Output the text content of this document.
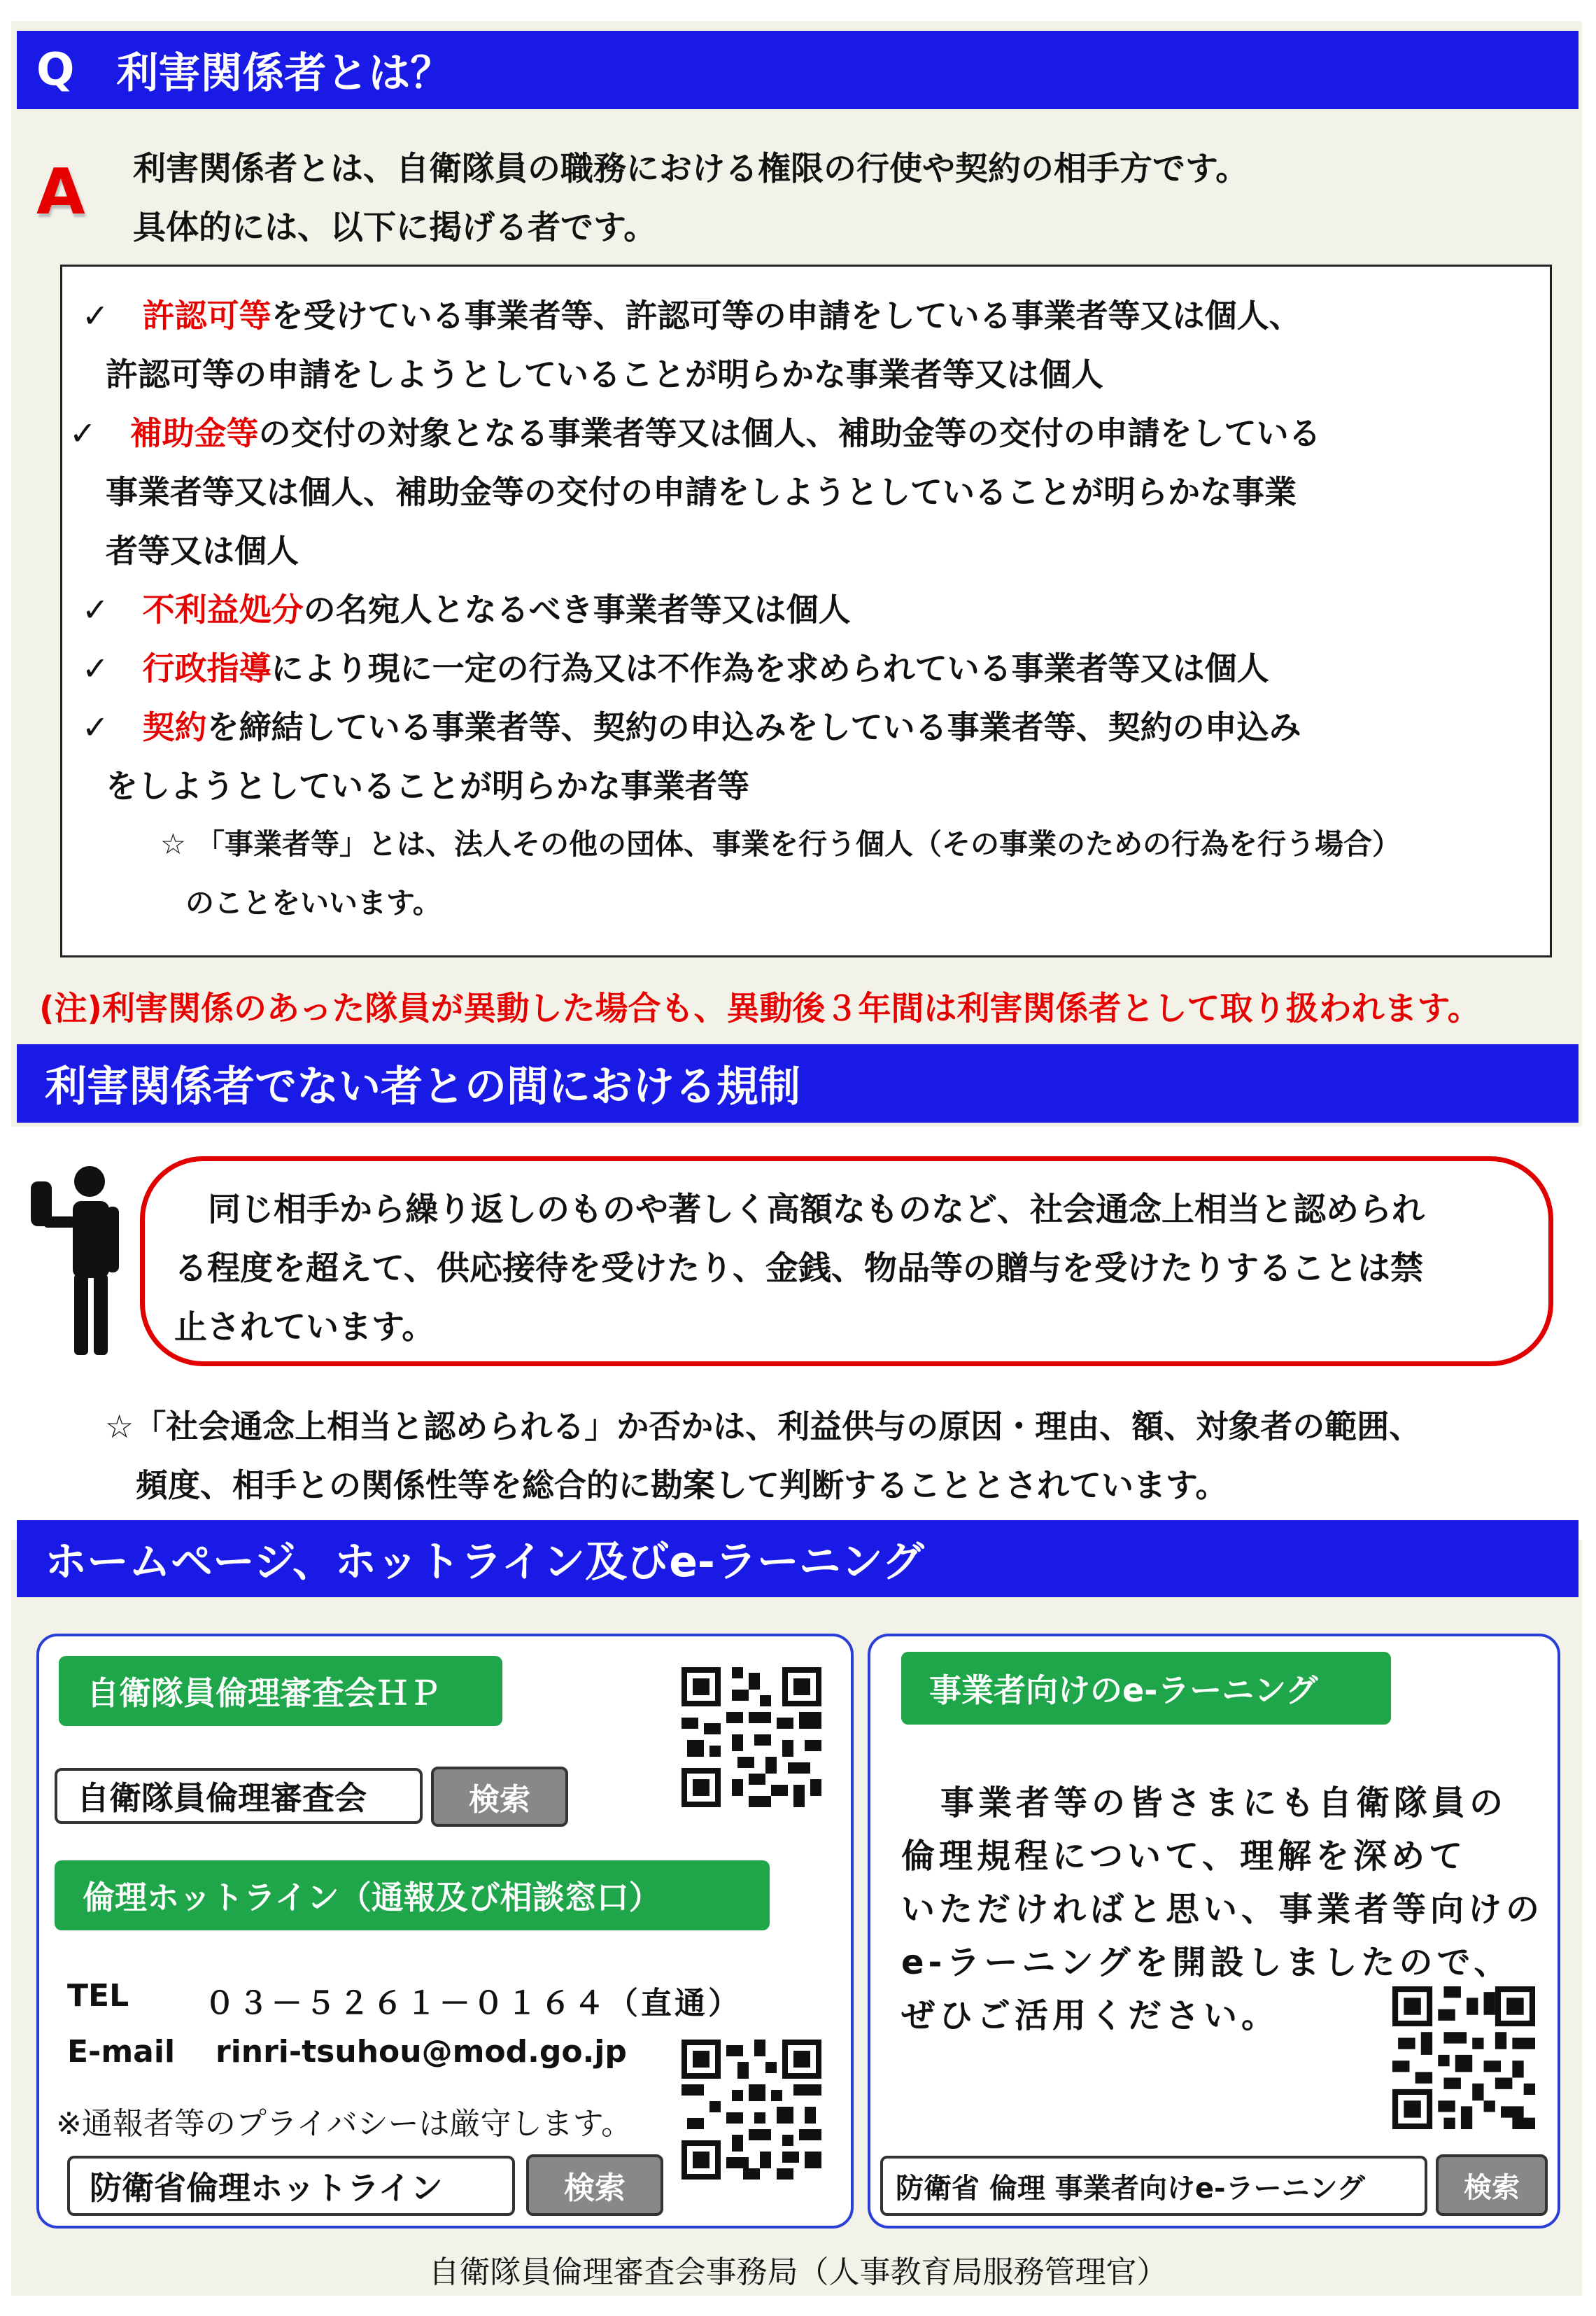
Q 利害関係者とは？
A 利害関係者とは、自衛隊員の職務における権限の行使や契約の相手方です。
具体的には、以下に掲げる者です。
✓ 許認可等を受けている事業者等、許認可等の申請をしている事業者等又は個人、
許認可等の申請をしようとしていることが明らかな事業者等又は個人
✓ 補助金等の交付の対象となる事業者等又は個人、補助金等の交付の申請をしている
事業者等又は個人、補助金等の交付の申請をしようとしていることが明らかな事業
者等又は個人
✓ 不利益処分の名宛人となるべき事業者等又は個人
✓ 行政指導により現に一定の行為又は不作為を求められている事業者等又は個人
✓ 契約を締結している事業者等、契約の申込みをしている事業者等、契約の申込み
をしようとしていることが明らかな事業者等
☆ 「事業者等」とは、法人その他の団体、事業を行う個人（その事業のための行為を行う場合）
のことをいいます。
(注)利害関係のあった隊員が異動した場合も、異動後３年間は利害関係者として取り扱われます。
利害関係者でない者との間における規制
同じ相手から繰り返しのものや著しく高額なものなど、社会通念上相当と認められ
る程度を超えて、供応接待を受けたり、金銭、物品等の贈与を受けたりすることは禁
止されています。
☆「社会通念上相当と認められる」か否かは、利益供与の原因・理由、額、対象者の範囲、
頻度、相手との関係性等を総合的に勘案して判断することとされています。
ホームページ、ホットライン及びe-ラーニング
自衛隊員倫理審査会ＨＰ
自衛隊員倫理審査会	検索
倫理ホットライン（通報及び相談窓口）
TEL ０３－５２６１－０１６４（直通）
E-mail rinri-tsuhou@mod.go.jp
※通報者等のプライバシーは厳守します。
防衛省倫理ホットライン	検索
事業者向けのe-ラーニング
事業者等の皆さまにも自衛隊員の
倫理規程について、理解を深めて
いただければと思い、事業者等向けの
e-ラーニングを開設しましたので、
ぜひご活用ください。
防衛省 倫理 事業者向けe-ラーニング	検索
自衛隊員倫理審査会事務局（人事教育局服務管理官）
